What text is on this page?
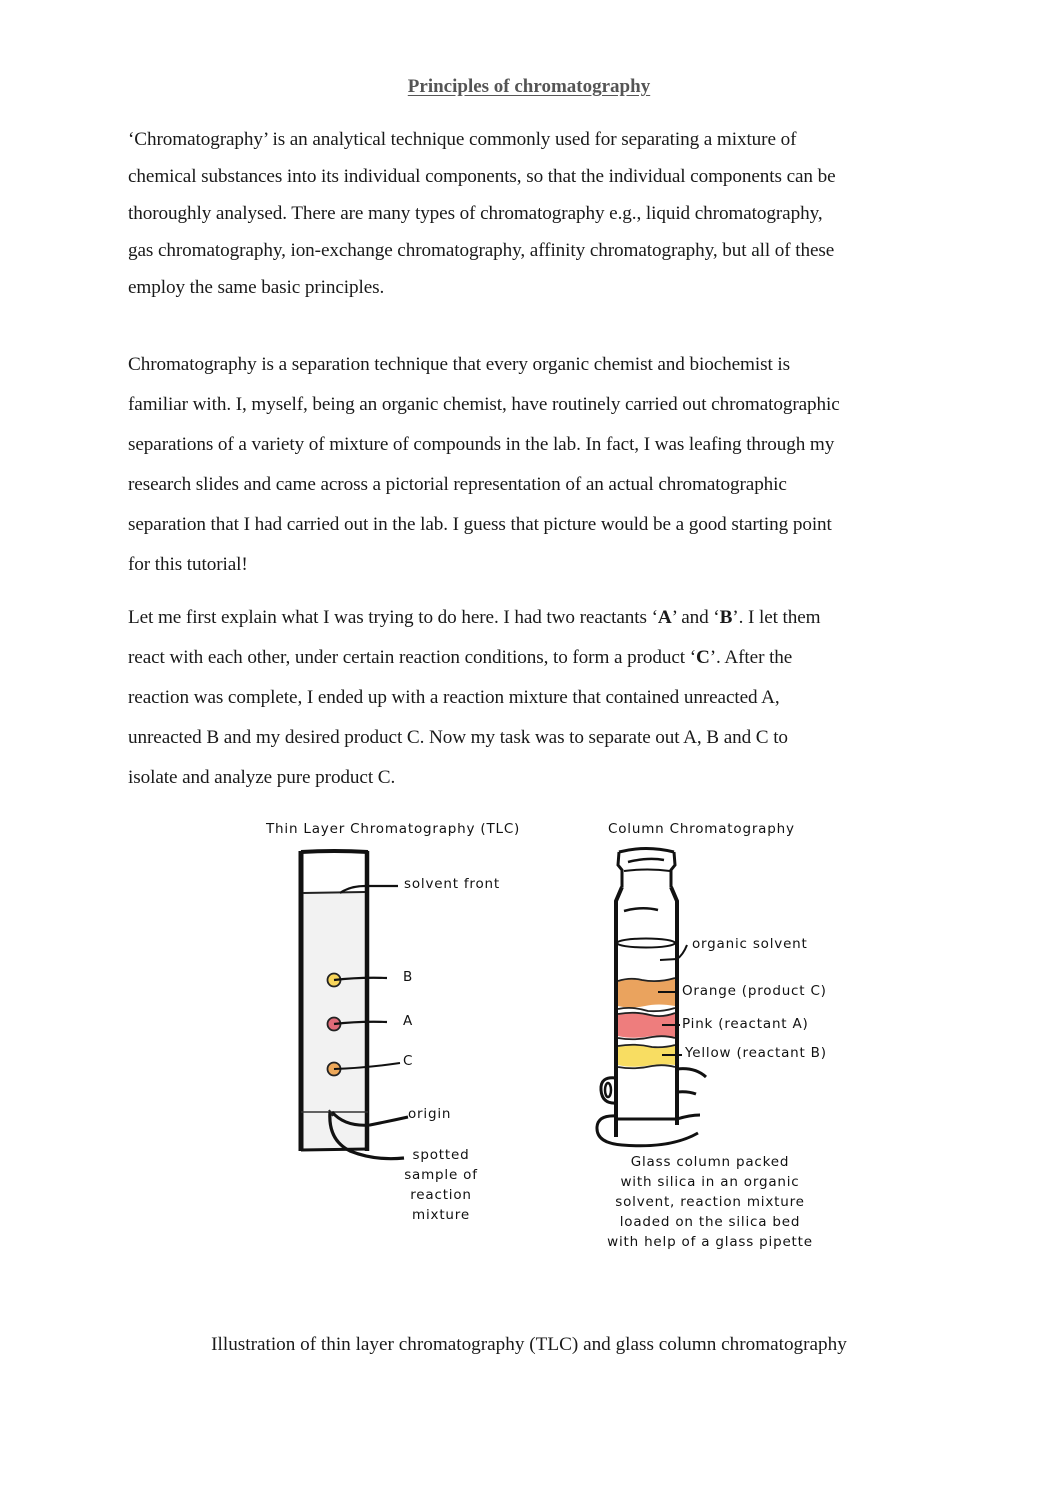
Principles of chromatography
‘Chromatography’ is an analytical technique commonly used for separating a mixture of
chemical substances into its individual components, so that the individual components can be
thoroughly analysed. There are many types of chromatography e.g., liquid chromatography,
gas chromatography, ion-exchange chromatography, affinity chromatography, but all of these
employ the same basic principles.
Chromatography is a separation technique that every organic chemist and biochemist is
familiar with. I, myself, being an organic chemist, have routinely carried out chromatographic
separations of a variety of mixture of compounds in the lab. In fact, I was leafing through my
research slides and came across a pictorial representation of an actual chromatographic
separation that I had carried out in the lab. I guess that picture would be a good starting point
for this tutorial!
Let me first explain what I was trying to do here. I had two reactants ‘A’ and ‘B’. I let them
react with each other, under certain reaction conditions, to form a product ‘C’. After the
reaction was complete, I ended up with a reaction mixture that contained unreacted A,
unreacted B and my desired product C. Now my task was to separate out A, B and C to
isolate and analyze pure product C.
Thin Layer Chromatography (TLC)
solvent front
B
A
C
origin
spotted
sample of
reaction
mixture
Column Chromatography
organic solvent
Orange (product C)
Pink (reactant A)
Yellow (reactant B)
Glass column packed
with silica in an organic
solvent, reaction mixture
loaded on the silica bed
with help of a glass pipette
Illustration of thin layer chromatography (TLC) and glass column chromatography
